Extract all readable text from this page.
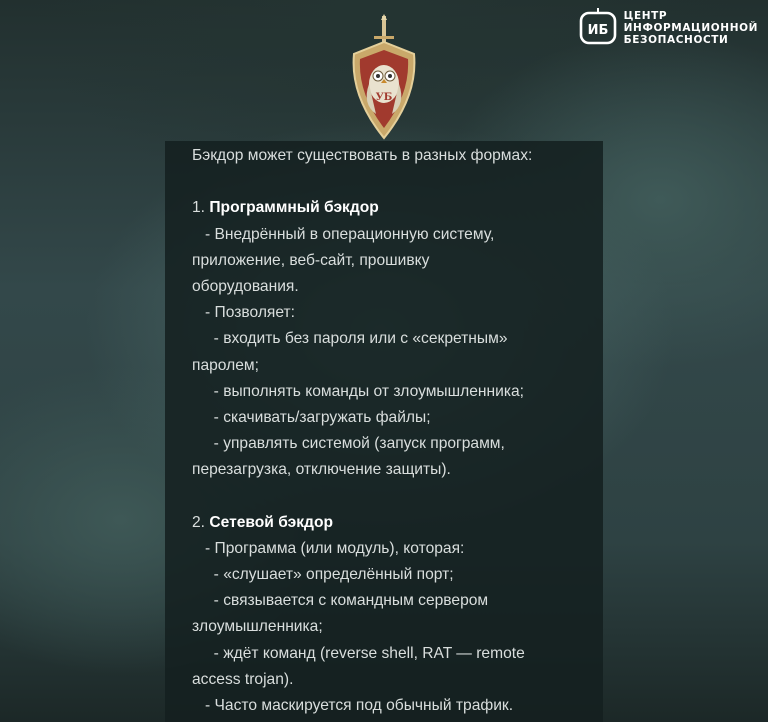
УБ
К
ИБ
ЦЕНТР
ИНФОРМАЦИОННОЙ
БЕЗОПАСНОСТИ
Бэкдор может существовать в разных формах:
1. Программный бэкдор
- Внедрённый в операционную систему,
приложение, веб-сайт, прошивку
оборудования.
- Позволяет:
- входить без пароля или с «секретным»
паролем;
- выполнять команды от злоумышленника;
- скачивать/загружать файлы;
- управлять системой (запуск программ,
перезагрузка, отключение защиты).
2. Сетевой бэкдор
- Программа (или модуль), которая:
- «слушает» определённый порт;
- связывается с командным сервером
злоумышленника;
- ждёт команд (reverse shell, RAT — remote
access trojan).
- Часто маскируется под обычный трафик.
